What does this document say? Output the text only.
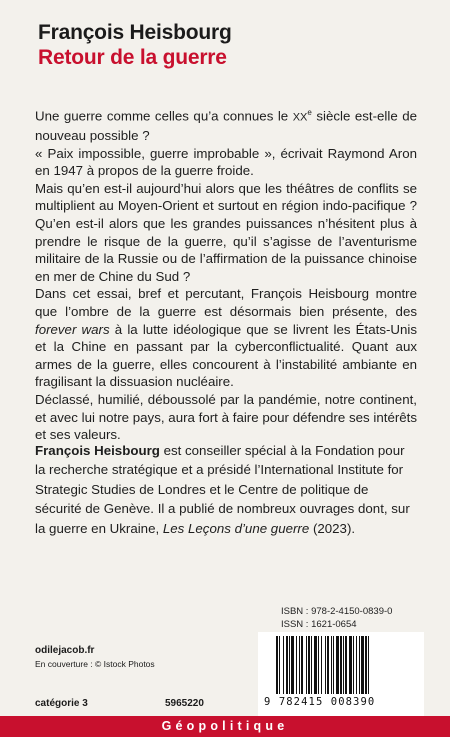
François Heisbourg
Retour de la guerre

Une guerre comme celles qu’a connues le XXe siècle est-elle de nouveau possible ?

« Paix impossible, guerre improbable », écrivait Raymond Aron en 1947 à propos de la guerre froide.

Mais qu’en est-il aujourd’hui alors que les théâtres de conflits se multiplient au Moyen-Orient et surtout en région indo-pacifique ? Qu’en est-il alors que les grandes puissances n’hésitent plus à prendre le risque de la guerre, qu’il s’agisse de l’aventurisme militaire de la Russie ou de l’affirmation de la puissance chinoise en mer de Chine du Sud ?

Dans cet essai, bref et percutant, François Heisbourg montre que l’ombre de la guerre est désormais bien présente, des forever wars à la lutte idéologique que se livrent les États-Unis et la Chine en passant par la cyberconflictualité. Quant aux armes de la guerre, elles concourent à l’instabilité ambiante en fragilisant la dissuasion nucléaire.

Déclassé, humilié, déboussolé par la pandémie, notre continent, et avec lui notre pays, aura fort à faire pour défendre ses intérêts et ses valeurs.

François Heisbourg est conseiller spécial à la Fondation pour la recherche stratégique et a présidé l’International Institute for Strategic Studies de Londres et le Centre de politique de sécurité de Genève. Il a publié de nombreux ouvrages dont, sur la guerre en Ukraine, Les Leçons d’une guerre (2023).

ISBN : 978-2-4150-0839-0
ISSN : 1621-0654
9 782415 008390
odilejacob.fr
En couverture : © Istock Photos
catégorie 3	5965220
Géopolitique
